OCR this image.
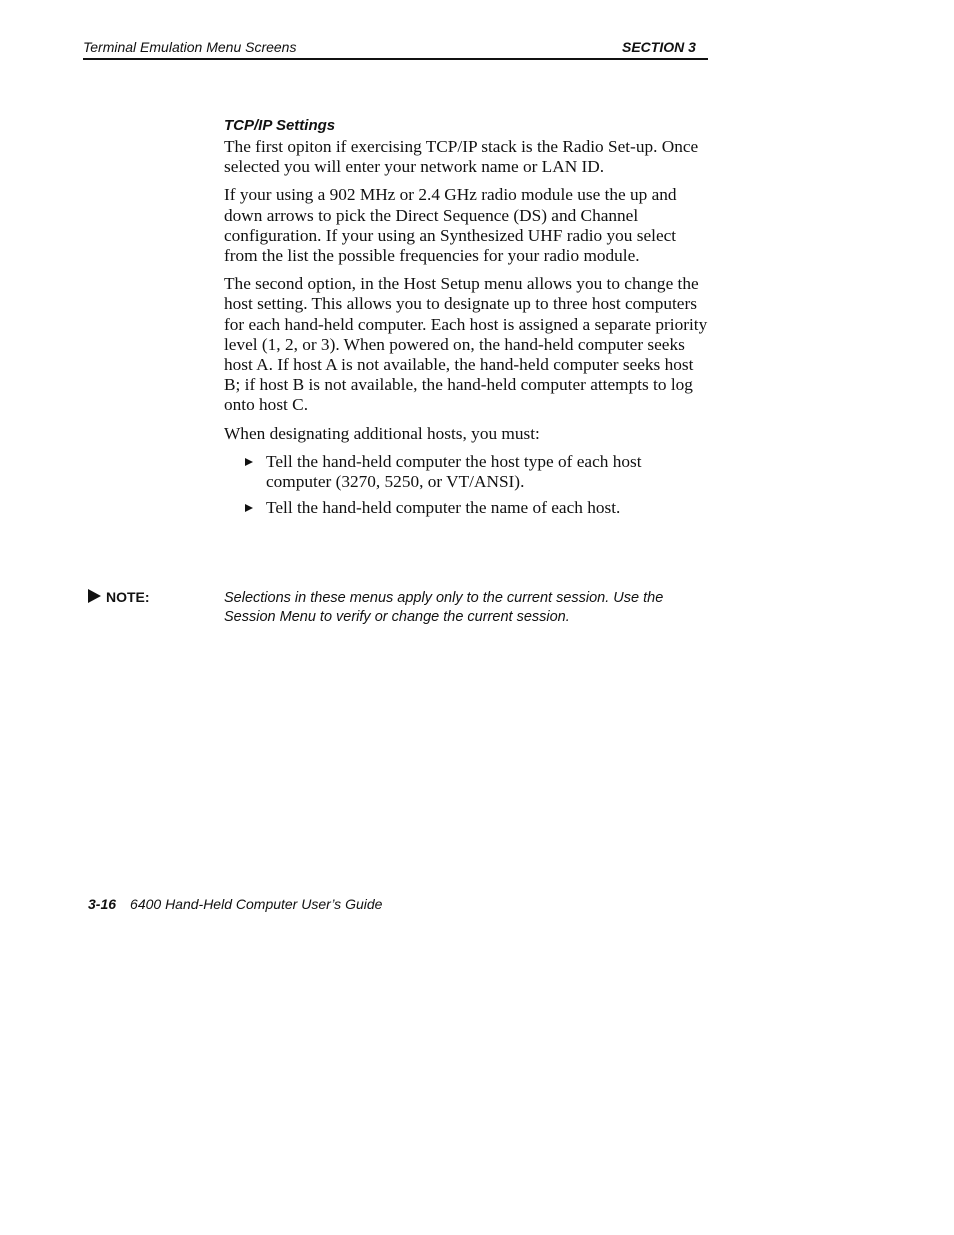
Terminal Emulation Menu Screens	SECTION 3
TCP/IP Settings

The first opiton if exercising TCP/IP stack is the Radio Set-up. Once selected you will enter your network name or LAN ID.

If your using a 902 MHz or 2.4 GHz radio module use the up and down arrows to pick the Direct Sequence (DS) and Channel configuration. If your using an Synthesized UHF radio you select from the list the possible frequencies for your radio module.

The second option, in the Host Setup menu allows you to change the host setting. This allows you to designate up to three host computers for each hand-held computer. Each host is assigned a separate priority level (1, 2, or 3). When powered on, the hand-held computer seeks host A. If host A is not available, the hand-held computer seeks host B; if host B is not available, the hand-held computer attempts to log onto host C.

When designating additional hosts, you must:

Tell the hand-held computer the host type of each host computer (3270, 5250, or VT/ANSI).
Tell the hand-held computer the name of each host.
NOTE:	Selections in these menus apply only to the current session. Use the Session Menu to verify or change the current session.
3-16 6400 Hand-Held Computer User’s Guide
